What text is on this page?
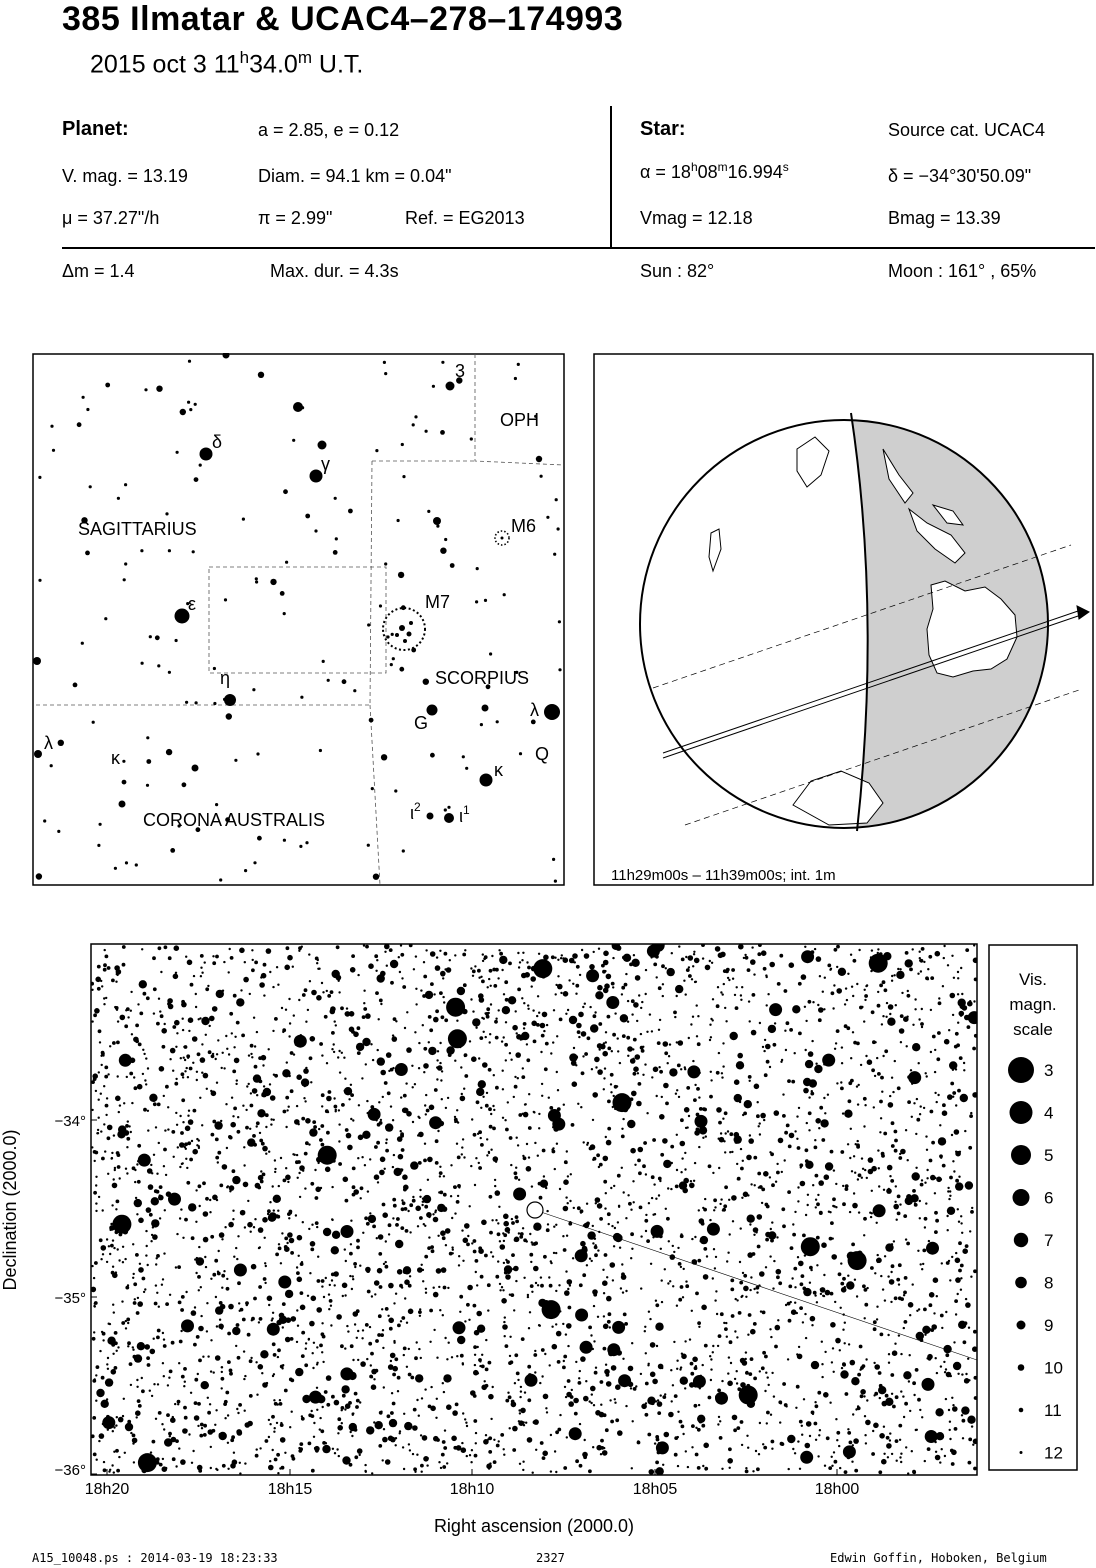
385 Ilmatar & UCAC4–278–174993
2015 oct 3 11$^h$34.0$^m$ U.T.
Planet:	a = 2.85, e = 0.12
V. mag. = 13.19	Diam. = 94.1 km = 0.04"
μ = 37.27"/h	π = 2.99"	Ref. = EG2013
Star:	Source cat. UCAC4
$\alpha = 18^h08^m16.994^s$	δ = −34°30'50.09"
Vmag = 12.18	Bmag = 13.39
Δm = 1.4	Max. dur. = 4.3s	Sun : 82°	Moon : 161° , 65%
SAGITTARIUS
SCORPIUS
CORONA AUSTRALIS
OPH
δ
γ
ε
η
λ
κ
3
M6
M7
G
λ
Q
κ
$\iota^2$ $\iota^1$
11h29m00s – 11h39m00s; int. 1m
18h20	18h15	18h10	18h05	18h00
Right ascension (2000.0)
−34°
−35°
−36°
Declination (2000.0)
Vis.
magn.
scale
3
4
5
6
7
8
9
10
11
12
A15_10048.ps : 2014-03-19 18:23:33	2327	Edwin Goffin, Hoboken, Belgium
